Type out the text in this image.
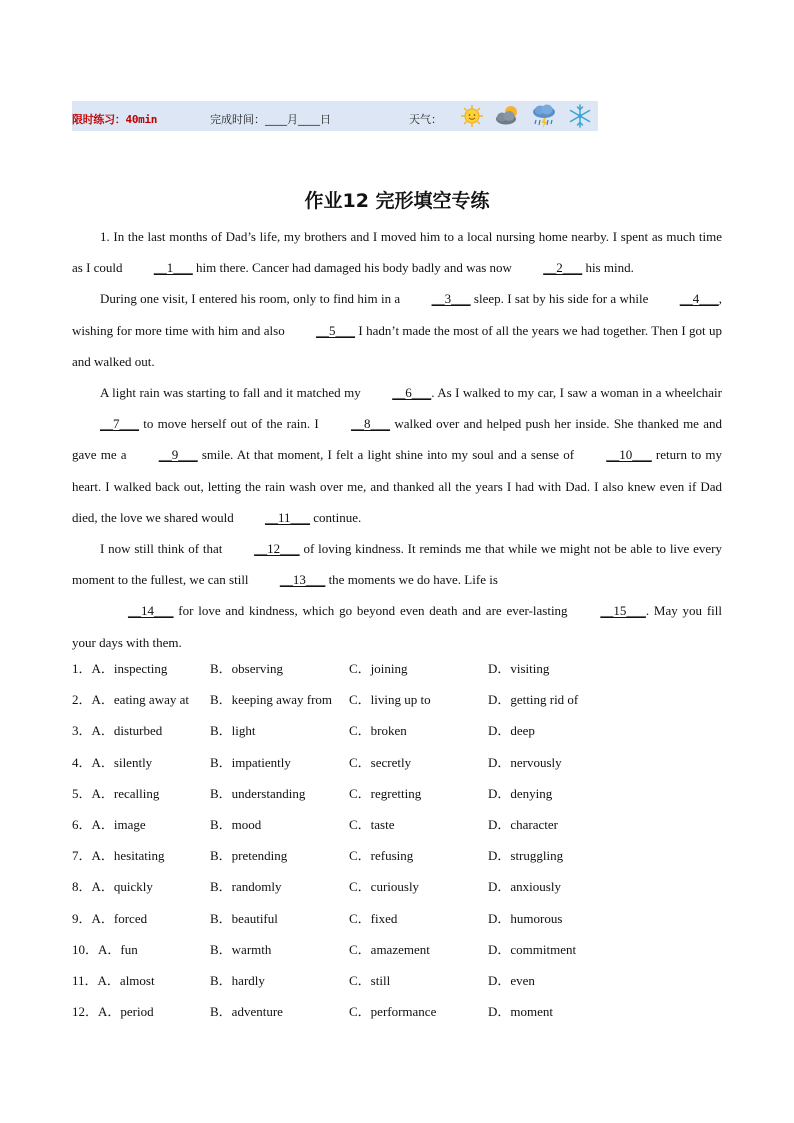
限时练习：40min	完成时间：____月____日	天气：
作业12 完形填空专练

1. In the last months of Dad’s life, my brothers and I moved him to a local nursing home nearby. I spent as much time as I could __1___ him there. Cancer had damaged his body badly and was now __2___ his mind.

During one visit, I entered his room, only to find him in a __3___ sleep. I sat by his side for a while __4___, wishing for more time with him and also __5___ I hadn’t made the most of all the years we had together. Then I got up and walked out.

A light rain was starting to fall and it matched my __6___. As I walked to my car, I saw a woman in a wheelchair __7___ to move herself out of the rain. I __8___ walked over and helped push her inside. She thanked me and gave me a __9___ smile. At that moment, I felt a light shine into my soul and a sense of __10___ return to my heart. I walked back out, letting the rain wash over me, and thanked all the years I had with Dad. I also knew even if Dad died, the love we shared would __11___ continue.

I now still think of that __12___ of loving kindness. It reminds me that while we might not be able to live every moment to the fullest, we can still __13___ the moments we do have. Life is

__14___ for love and kindness, which go beyond even death and are ever-lasting __15___. May you fill your days with them.

1．A．inspecting	B．observing	C．joining	D．visiting
2．A．eating away at B．keeping away from C．living up to	D．getting rid of
3．A．disturbed	B．light	C．broken	D．deep
4．A．silently	B．impatiently	C．secretly	D．nervously
5．A．recalling	B．understanding	C．regretting	D．denying
6．A．image	B．mood	C．taste	D．character
7．A．hesitating	B．pretending	C．refusing	D．struggling
8．A．quickly	B．randomly	C．curiously	D．anxiously
9．A．forced	B．beautiful	C．fixed	D．humorous
10．A．fun	B．warmth	C．amazement	D．commitment
11．A．almost	B．hardly	C．still	D．even
12．A．period	B．adventure	C．performance	D．moment
